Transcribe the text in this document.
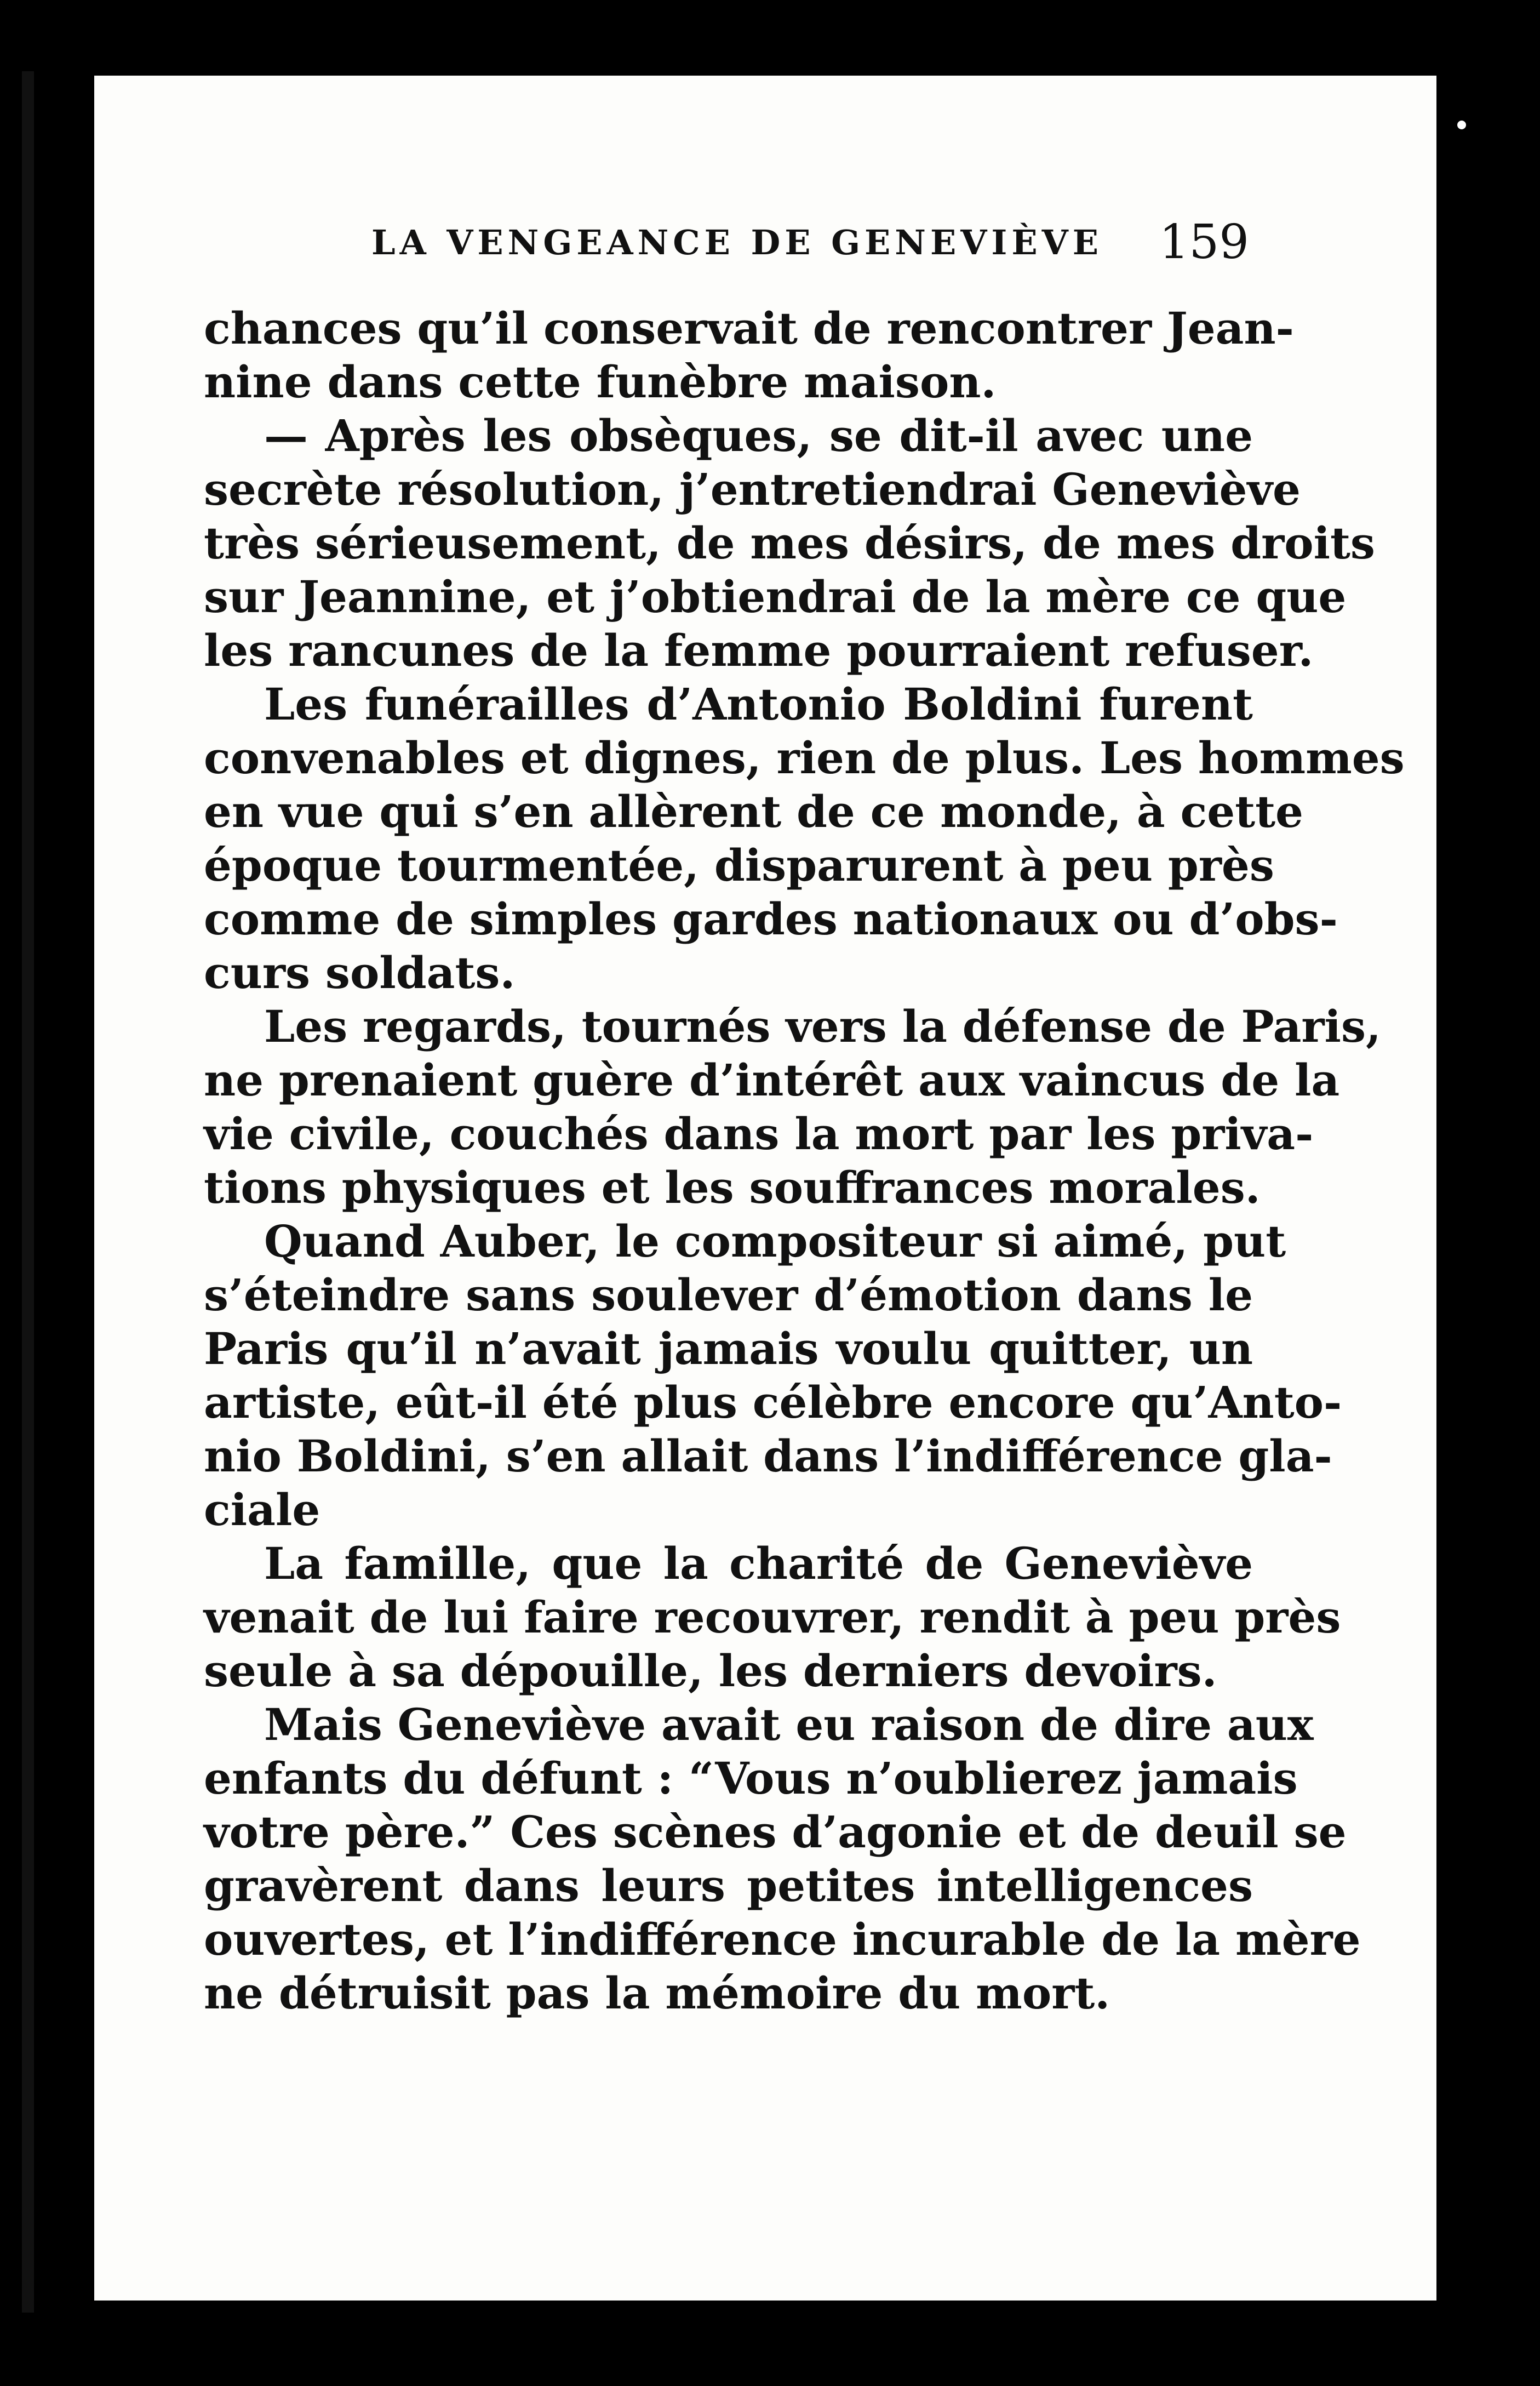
LA VENGEANCE DE GENEVIÈVE 159
chances qu’il conservait de rencontrer Jean-
nine dans cette funèbre maison.
— Après les obsèques, se dit-il avec une
secrète résolution, j’entretiendrai Geneviève
très sérieusement, de mes désirs, de mes droits
sur Jeannine, et j’obtiendrai de la mère ce que
les rancunes de la femme pourraient refuser.
Les funérailles d’Antonio Boldini furent
convenables et dignes, rien de plus. Les hommes
en vue qui s’en allèrent de ce monde, à cette
époque tourmentée, disparurent à peu près
comme de simples gardes nationaux ou d’obs-
curs soldats.
Les regards, tournés vers la défense de Paris,
ne prenaient guère d’intérêt aux vaincus de la
vie civile, couchés dans la mort par les priva-
tions physiques et les souffrances morales.
Quand Auber, le compositeur si aimé, put
s’éteindre sans soulever d’émotion dans le
Paris qu’il n’avait jamais voulu quitter, un
artiste, eût-il été plus célèbre encore qu’Anto-
nio Boldini, s’en allait dans l’indifférence gla-
ciale
La famille, que la charité de Geneviève
venait de lui faire recouvrer, rendit à peu près
seule à sa dépouille, les derniers devoirs.
Mais Geneviève avait eu raison de dire aux
enfants du défunt : “Vous n’oublierez jamais
votre père.” Ces scènes d’agonie et de deuil se
gravèrent dans leurs petites intelligences
ouvertes, et l’indifférence incurable de la mère
ne détruisit pas la mémoire du mort.
